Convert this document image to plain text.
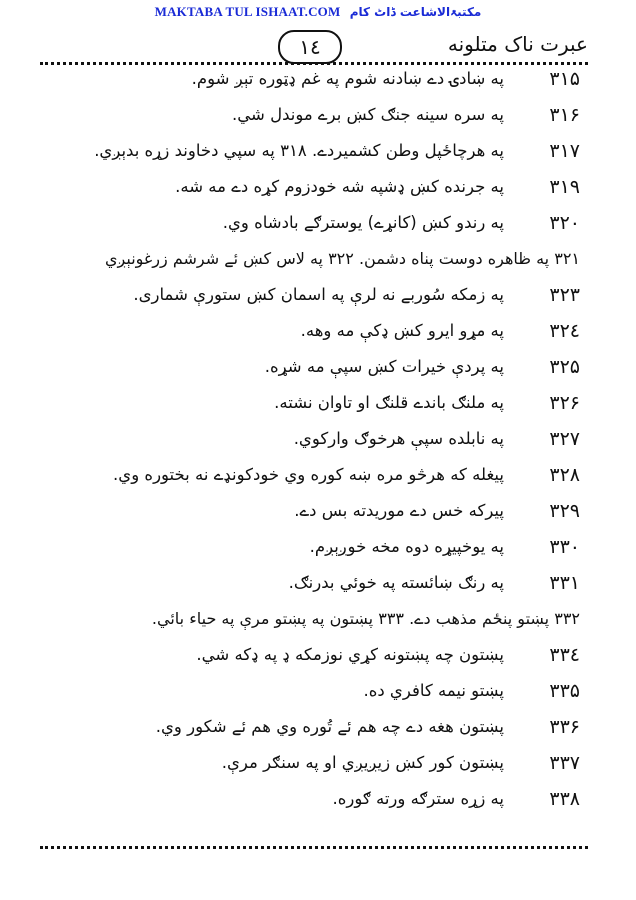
MAKTABA TUL ISHAAT.COM مکتبۃالاشاعت ڈاٹ کام
۱٤	عبرت ناک متلونه
۳۱۵
په ښادۍ دے ښادنه شوم په غم ډټوره تېږ شوم.
۳۱۶
په سره سينه جنګ کښ برے موندل شي.
۳۱۷
په هرچاځپل وطن کشميردے. ۳۱۸ په سپي دخاوند زړه بدېږي.
۳۱۹
په جرنده کښ ډشپه شه خودزوم کړه دے مه شه.
۳۲۰
په رندو کښ (کانړے) يوسترګے بادشاه وي.
۳۲۱ په ظاهره دوست پناه دشمن. ۳۲۲ په لاس کښ ئے شرشم زرغونېږي
۳۲۳
په زمکه سُوربے نه لرې په اسمان کښ ستورې شماری.
۳۲٤
په مړو ايرو کښ ډکې مه وهه.
۳۲۵
په پردې خيرات کښ سپې مه شړه.
۳۲۶
په ملنګ باندے قلنګ او تاوان نشته.
۳۲۷
په نابلده سپې هرخوګ وارکوي.
۳۲۸
پيغله که هرڅو مره ښه کوره وي خودکونډے نه بختوره وي.
۳۲۹
پيرکه خس دے موريدته بس دے.
۳۳۰
په يوخپيړه دوه مخه خوږېږم.
۳۳۱
په رنګ ښائسته په خوئي بدرنګ.
۳۳۲ پښتو پنځم مذهب دے. ۳۳۳ پښتون په پښتو مرې په حياء بائي.
۳۳٤
پښتون چه پښتونه کړي نوزمکه ډ په ډکه شي.
۳۳۵
پښتو نيمه کافري ده.
۳۳۶
پښتون هغه دے چه هم ئے تُوره وي هم ئے شکور وي.
۳۳۷
پښتون کور کښ زيږيږي او په سنګر مرې.
۳۳۸
په زړه سترګه ورته ګوره.
